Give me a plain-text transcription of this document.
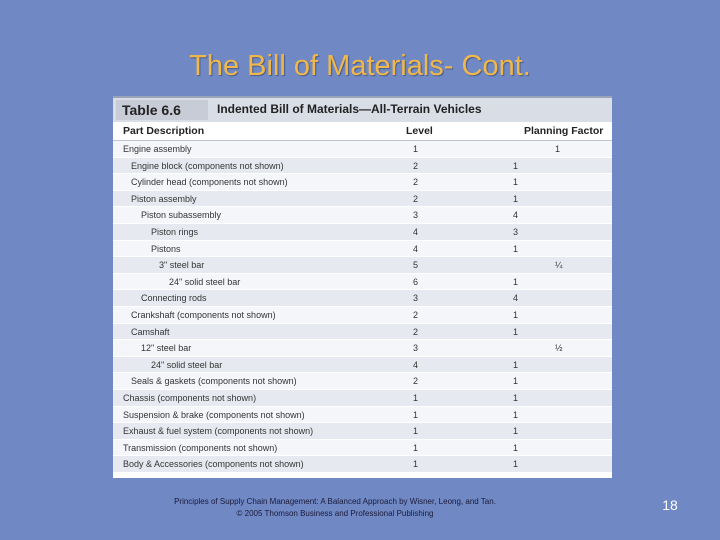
The Bill of Materials- Cont.
Table 6.6	Indented Bill of Materials—All-Terrain Vehicles
Part Description	Level	Planning Factor
Engine assembly	1	1
Engine block (components not shown)	2	1
Cylinder head (components not shown)	2	1
Piston assembly	2	1
Piston subassembly	3	4
Piston rings	4	3
Pistons	4	1
3" steel bar	5	¼
24" solid steel bar	6	1
Connecting rods	3	4
Crankshaft (components not shown)	2	1
Camshaft	2	1
12" steel bar	3	½
24" solid steel bar	4	1
Seals & gaskets (components not shown)	2	1
Chassis (components not shown)	1	1
Suspension & brake (components not shown)	1	1
Exhaust & fuel system (components not shown)	1	1
Transmission (components not shown)	1	1
Body & Accessories (components not shown)	1	1
Principles of Supply Chain Management: A Balanced Approach by Wisner, Leong, and Tan.
© 2005 Thomson Business and Professional Publishing
18
